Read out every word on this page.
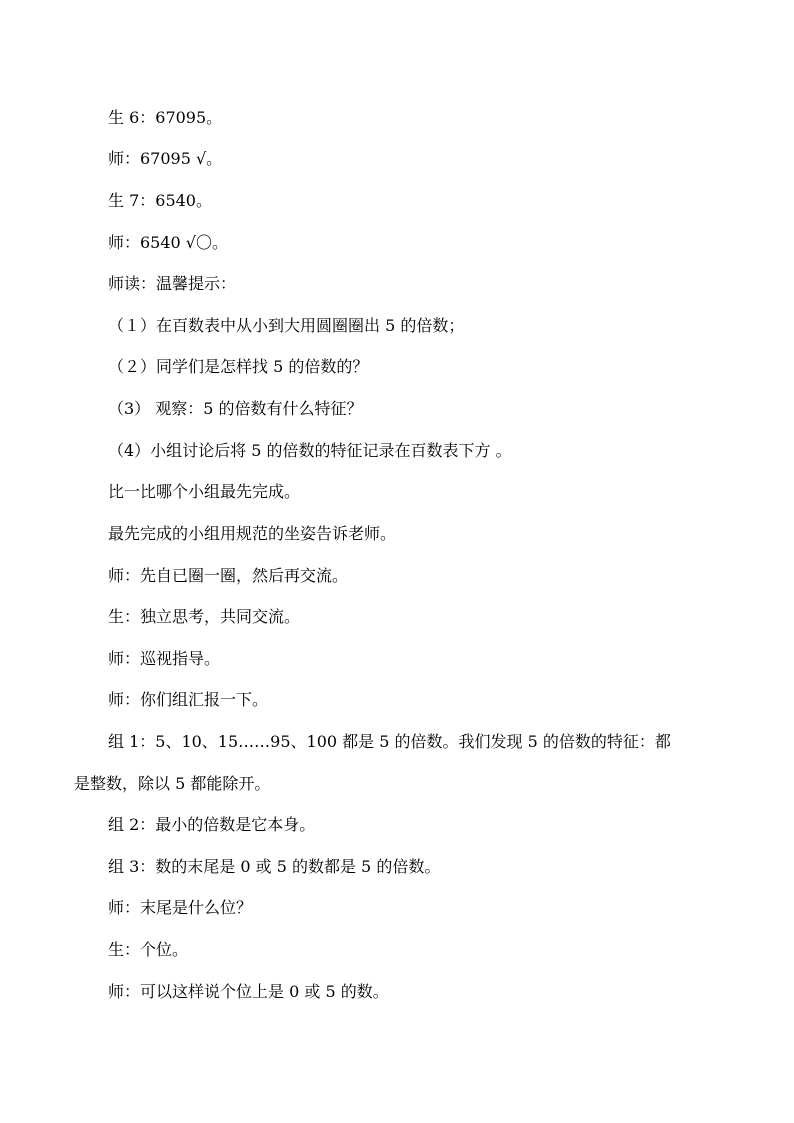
生 6：67095。
师：67095 √。
生 7：6540。
师：6540 √〇。
师读：温馨提示：
（１）在百数表中从小到大用圆圈圈出 5 的倍数；
（２）同学们是怎样找 5 的倍数的？
（3） 观察：5 的倍数有什么特征？
（4）小组讨论后将 5 的倍数的特征记录在百数表下方 。
比一比哪个小组最先完成。
最先完成的小组用规范的坐姿告诉老师。
师：先自已圈一圈，然后再交流。
生：独立思考，共同交流。
师：巡视指导。
师：你们组汇报一下。
组 1：5、10、15……95、100 都是 5 的倍数。我们发现 5 的倍数的特征：都
是整数，除以 5 都能除开。
组 2：最小的倍数是它本身。
组 3：数的末尾是 0 或 5 的数都是 5 的倍数。
师：末尾是什么位？
生：个位。
师：可以这样说个位上是 0 或 5 的数。
